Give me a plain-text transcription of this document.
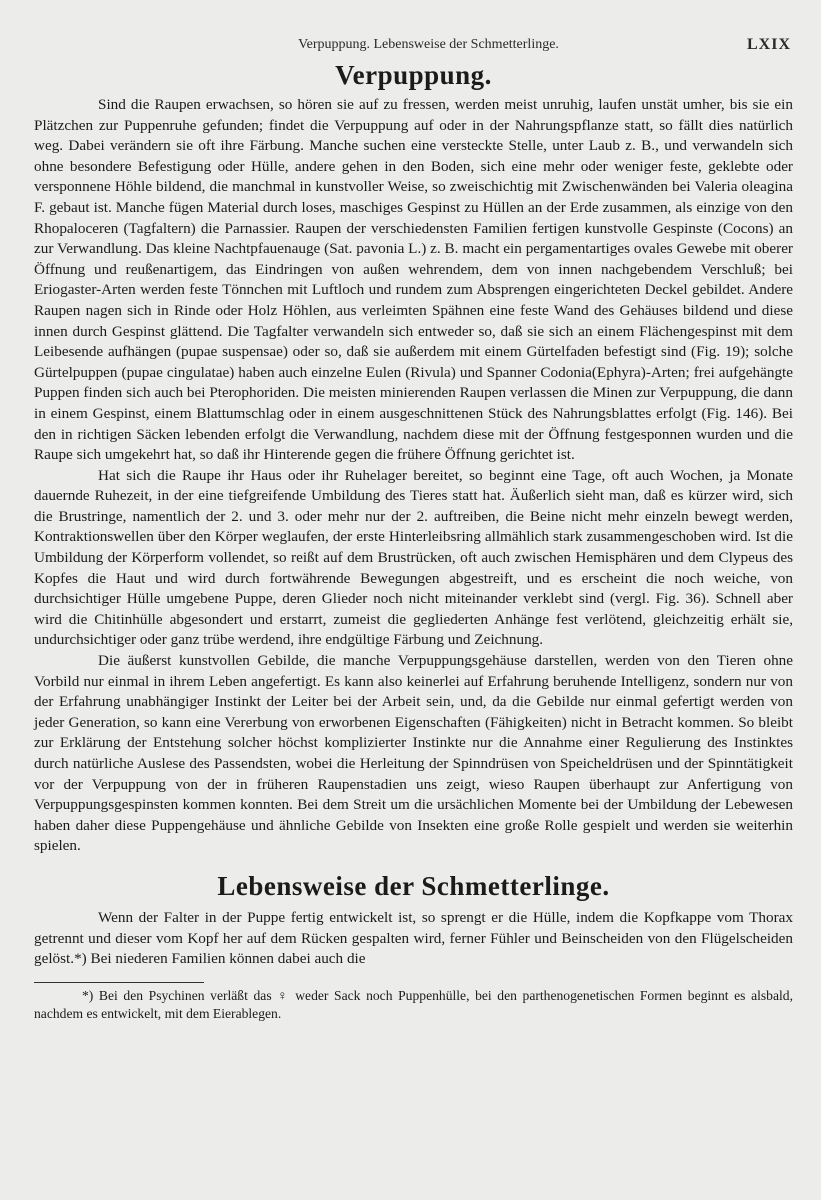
Verpuppung. Lebensweise der Schmetterlinge.	LXIX
Verpuppung.

Sind die Raupen erwachsen, so hören sie auf zu fressen, werden meist unruhig, laufen unstät umher, bis sie ein Plätzchen zur Puppenruhe gefunden; findet die Verpuppung auf oder in der Nahrungspflanze statt, so fällt dies natürlich weg. Dabei verändern sie oft ihre Färbung. Manche suchen eine versteckte Stelle, unter Laub z. B., und verwandeln sich ohne besondere Befestigung oder Hülle, andere gehen in den Boden, sich eine mehr oder weniger feste, geklebte oder versponnene Höhle bildend, die manchmal in kunstvoller Weise, so zweischichtig mit Zwischenwänden bei Valeria oleagina F. gebaut ist. Manche fügen Material durch loses, maschiges Gespinst zu Hüllen an der Erde zusammen, als einzige von den Rhopaloceren (Tagfaltern) die Parnassier. Raupen der verschiedensten Familien fertigen kunstvolle Gespinste (Cocons) an zur Verwandlung. Das kleine Nachtpfauenauge (Sat. pavonia L.) z. B. macht ein pergamentartiges ovales Gewebe mit oberer Öffnung und reußenartigem, das Eindringen von außen wehrendem, dem von innen nachgebendem Verschluß; bei Eriogaster-Arten werden feste Tönnchen mit Luftloch und rundem zum Absprengen eingerichteten Deckel gebildet. Andere Raupen nagen sich in Rinde oder Holz Höhlen, aus verleimten Spähnen eine feste Wand des Gehäuses bildend und diese innen durch Gespinst glättend. Die Tagfalter verwandeln sich entweder so, daß sie sich an einem Flächengespinst mit dem Leibesende aufhängen (pupae suspensae) oder so, daß sie außerdem mit einem Gürtelfaden befestigt sind (Fig. 19); solche Gürtelpuppen (pupae cingulatae) haben auch einzelne Eulen (Rivula) und Spanner Codonia(Ephyra)-Arten; frei aufgehängte Puppen finden sich auch bei Pterophoriden. Die meisten minierenden Raupen verlassen die Minen zur Verpuppung, die dann in einem Gespinst, einem Blattumschlag oder in einem ausgeschnittenen Stück des Nahrungsblattes erfolgt (Fig. 146). Bei den in richtigen Säcken lebenden erfolgt die Verwandlung, nachdem diese mit der Öffnung festgesponnen wurden und die Raupe sich umgekehrt hat, so daß ihr Hinterende gegen die frühere Öffnung gerichtet ist.

Hat sich die Raupe ihr Haus oder ihr Ruhelager bereitet, so beginnt eine Tage, oft auch Wochen, ja Monate dauernde Ruhezeit, in der eine tiefgreifende Umbildung des Tieres statt hat. Äußerlich sieht man, daß es kürzer wird, sich die Brustringe, namentlich der 2. und 3. oder mehr nur der 2. auftreiben, die Beine nicht mehr einzeln bewegt werden, Kontraktionswellen über den Körper weglaufen, der erste Hinterleibsring allmählich stark zusammengeschoben wird. Ist die Umbildung der Körperform vollendet, so reißt auf dem Brustrücken, oft auch zwischen Hemisphären und dem Clypeus des Kopfes die Haut und wird durch fortwährende Bewegungen abgestreift, und es erscheint die noch weiche, von durchsichtiger Hülle umgebene Puppe, deren Glieder noch nicht miteinander verklebt sind (vergl. Fig. 36). Schnell aber wird die Chitinhülle abgesondert und erstarrt, zumeist die gegliederten Anhänge fest verlötend, gleichzeitig erhält sie, undurchsichtiger oder ganz trübe werdend, ihre endgültige Färbung und Zeichnung.

Die äußerst kunstvollen Gebilde, die manche Verpuppungsgehäuse darstellen, werden von den Tieren ohne Vorbild nur einmal in ihrem Leben angefertigt. Es kann also keinerlei auf Erfahrung beruhende Intelligenz, sondern nur von der Erfahrung unabhängiger Instinkt der Leiter bei der Arbeit sein, und, da die Gebilde nur einmal gefertigt werden von jeder Generation, so kann eine Vererbung von erworbenen Eigenschaften (Fähigkeiten) nicht in Betracht kommen. So bleibt zur Erklärung der Entstehung solcher höchst komplizierter Instinkte nur die Annahme einer Regulierung des Instinktes durch natürliche Auslese des Passendsten, wobei die Herleitung der Spinndrüsen von Speicheldrüsen und der Spinntätigkeit vor der Verpuppung von der in früheren Raupenstadien uns zeigt, wieso Raupen überhaupt zur Anfertigung von Verpuppungsgespinsten kommen konnten. Bei dem Streit um die ursächlichen Momente bei der Umbildung der Lebewesen haben daher diese Puppengehäuse und ähnliche Gebilde von Insekten eine große Rolle gespielt und werden sie weiterhin spielen.

Lebensweise der Schmetterlinge.

Wenn der Falter in der Puppe fertig entwickelt ist, so sprengt er die Hülle, indem die Kopfkappe vom Thorax getrennt und dieser vom Kopf her auf dem Rücken gespalten wird, ferner Fühler und Beinscheiden von den Flügelscheiden gelöst.*) Bei niederen Familien können dabei auch die

*) Bei den Psychinen verläßt das ♀ weder Sack noch Puppenhülle, bei den parthenogenetischen Formen beginnt es alsbald, nachdem es entwickelt, mit dem Eierablegen.
